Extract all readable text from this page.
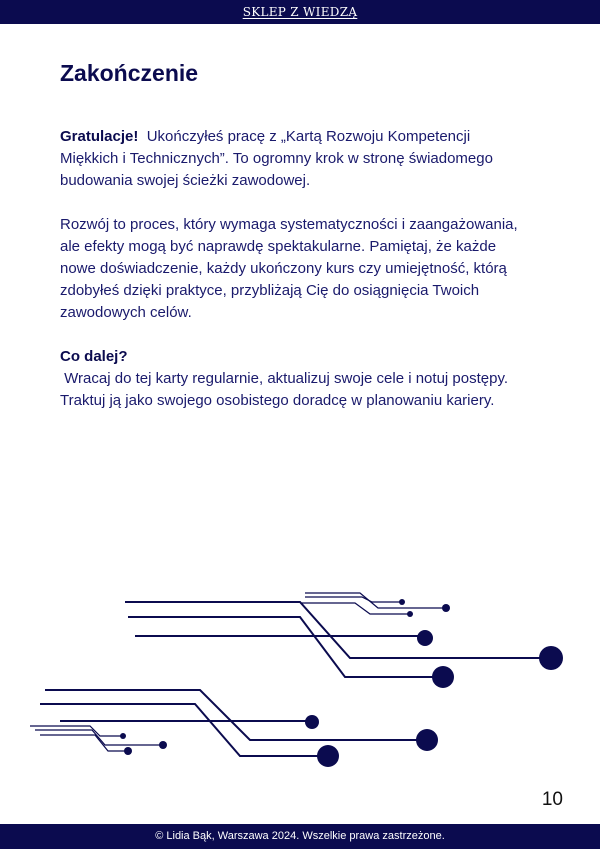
SKLEP Z WIEDZĄ
Zakończenie
Gratulacje! Ukończyłeś pracę z „Kartą Rozwoju Kompetencji
Miękkich i Technicznych”. To ogromny krok w stronę świadomego
budowania swojej ścieżki zawodowej.
Rozwój to proces, który wymaga systematyczności i zaangażowania,
ale efekty mogą być naprawdę spektakularne. Pamiętaj, że każde
nowe doświadczenie, każdy ukończony kurs czy umiejętność, którą
zdobyłeś dzięki praktyce, przybliżają Cię do osiągnięcia Twoich
zawodowych celów.
Co dalej?
Wracaj do tej karty regularnie, aktualizuj swoje cele i notuj postępy.
Traktuj ją jako swojego osobistego doradcę w planowaniu kariery.
10
© Lidia Bąk, Warszawa 2024. Wszelkie prawa zastrzeżone.
